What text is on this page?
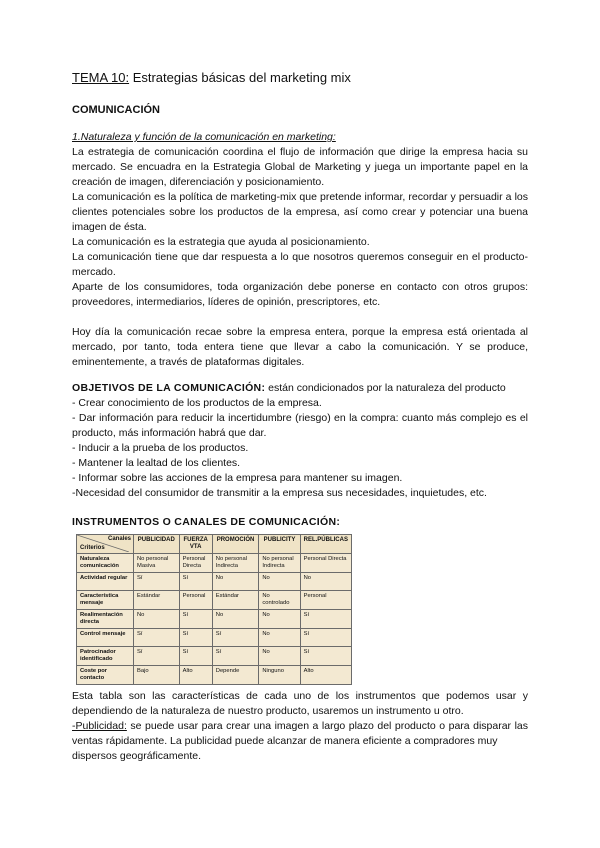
TEMA 10: Estrategias básicas del marketing mix
COMUNICACIÓN

1.Naturaleza y función de la comunicación en marketing:

La estrategia de comunicación coordina el flujo de información que dirige la empresa hacia su mercado. Se encuadra en la Estrategia Global de Marketing y juega un importante papel en la creación de imagen, diferenciación y posicionamiento.

La comunicación es la política de marketing-mix que pretende informar, recordar y persuadir a los clientes potenciales sobre los productos de la empresa, así como crear y potenciar una buena imagen de ésta.

La comunicación es la estrategia que ayuda al posicionamiento.

La comunicación tiene que dar respuesta a lo que nosotros queremos conseguir en el producto-mercado.

Aparte de los consumidores, toda organización debe ponerse en contacto con otros grupos: proveedores, intermediarios, líderes de opinión, prescriptores, etc.

Hoy día la comunicación recae sobre la empresa entera, porque la empresa está orientada al mercado, por tanto, toda entera tiene que llevar a cabo la comunicación. Y se produce, eminentemente, a través de plataformas digitales.

OBJETIVOS DE LA COMUNICACIÓN: están condicionados por la naturaleza del producto

- Crear conocimiento de los productos de la empresa.

- Dar información para reducir la incertidumbre (riesgo) en la compra: cuanto más complejo es el producto, más información habrá que dar.

- Inducir a la prueba de los productos.

- Mantener la lealtad de los clientes.

- Informar sobre las acciones de la empresa para mantener su imagen.

-Necesidad del consumidor de transmitir a la empresa sus necesidades, inquietudes, etc.

INSTRUMENTOS O CANALES DE COMUNICACIÓN:
Canales
Criterios	PUBLICIDAD	FUERZA VTA	PROMOCIÓN	PUBLICITY	REL.PÚBLICAS
Naturaleza comunicación	No personal Masiva	Personal Directa	No personal Indirecta	No personal Indirecta	Personal Directa
Actividad regular	Sí	Sí	No	No	No
Característica mensaje	Estándar	Personal	Estándar	No controlado	Personal
Realimentación directa	No	Sí	No	No	Sí
Control mensaje	Sí	Sí	Sí	No	Sí
Patrocinador identificado	Sí	Sí	Sí	No	Sí
Coste por contacto	Bajo	Alto	Depende	Ninguno	Alto

Esta tabla son las características de cada uno de los instrumentos que podemos usar y dependiendo de la naturaleza de nuestro producto, usaremos un instrumento u otro.

-Publicidad: se puede usar para crear una imagen a largo plazo del producto o para disparar las ventas rápidamente. La publicidad puede alcanzar de manera eficiente a compradores muy

dispersos geográficamente.
